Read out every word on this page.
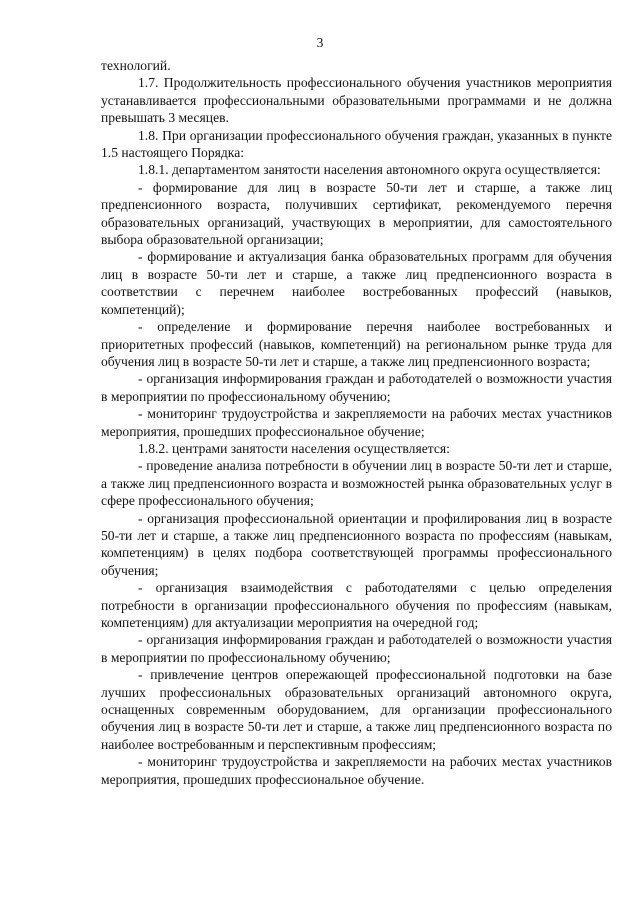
3

технологий.

1.7. Продолжительность профессионального обучения участников мероприятия устанавливается профессиональными образовательными программами и не должна превышать 3 месяцев.

1.8. При организации профессионального обучения граждан, указанных в пункте 1.5 настоящего Порядка:

1.8.1. департаментом занятости населения автономного округа осуществляется:

- формирование для лиц в возрасте 50-ти лет и старше, а также лиц предпенсионного возраста, получивших сертификат, рекомендуемого перечня образовательных организаций, участвующих в мероприятии, для самостоятельного выбора образовательной организации;

- формирование и актуализация банка образовательных программ для обучения лиц в возрасте 50-ти лет и старше, а также лиц предпенсионного возраста в соответствии с перечнем наиболее востребованных профессий (навыков, компетенций);

- определение и формирование перечня наиболее востребованных и приоритетных профессий (навыков, компетенций) на региональном рынке труда для обучения лиц в возрасте 50-ти лет и старше, а также лиц предпенсионного возраста;

- организация информирования граждан и работодателей о возможности участия в мероприятии по профессиональному обучению;

- мониторинг трудоустройства и закрепляемости на рабочих местах участников мероприятия, прошедших профессиональное обучение;

1.8.2. центрами занятости населения осуществляется:

- проведение анализа потребности в обучении лиц в возрасте 50-ти лет и старше, а также лиц предпенсионного возраста и возможностей рынка образовательных услуг в сфере профессионального обучения;

- организация профессиональной ориентации и профилирования лиц в возрасте 50-ти лет и старше, а также лиц предпенсионного возраста по профессиям (навыкам, компетенциям) в целях подбора соответствующей программы профессионального обучения;

- организация взаимодействия с работодателями с целью определения потребности в организации профессионального обучения по профессиям (навыкам, компетенциям) для актуализации мероприятия на очередной год;

- организация информирования граждан и работодателей о возможности участия в мероприятии по профессиональному обучению;

- привлечение центров опережающей профессиональной подготовки на базе лучших профессиональных образовательных организаций автономного округа, оснащенных современным оборудованием, для организации профессионального обучения лиц в возрасте 50-ти лет и старше, а также лиц предпенсионного возраста по наиболее востребованным и перспективным профессиям;

- мониторинг трудоустройства и закрепляемости на рабочих местах участников мероприятия, прошедших профессиональное обучение.
